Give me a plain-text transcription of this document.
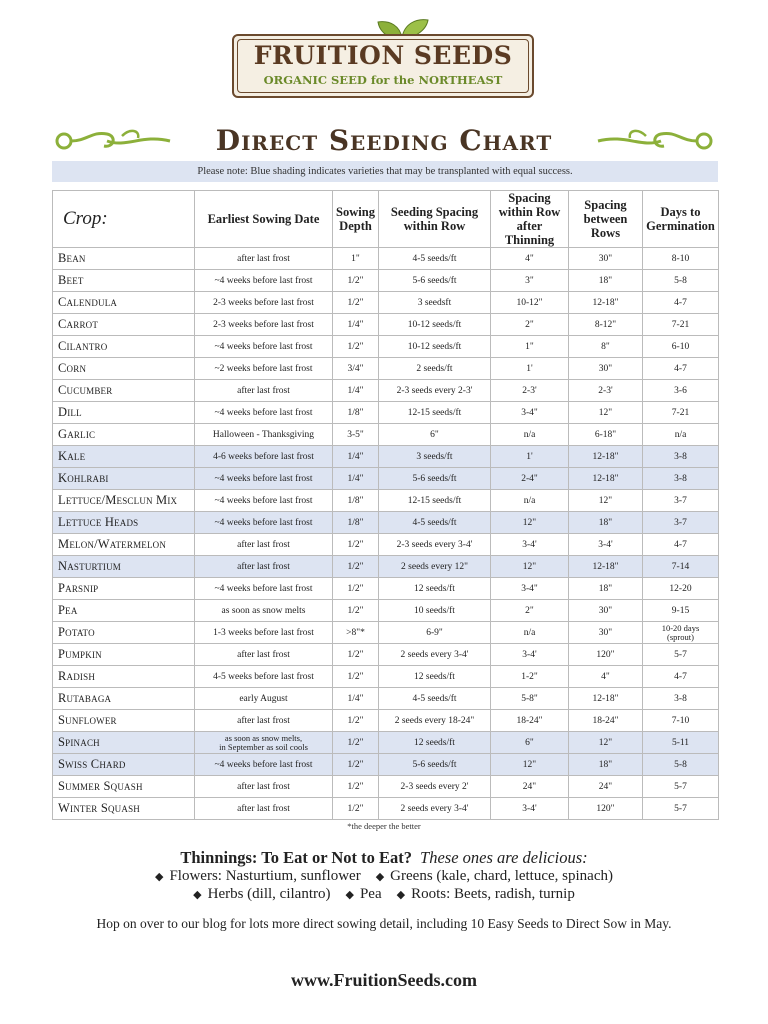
FRUITION SEEDS
ORGANIC SEED for the NORTHEAST
Direct Seeding Chart
Please note: Blue shading indicates varieties that may be transplanted with equal success.
Crop:	Earliest Sowing Date	Sowing Depth	Seeding Spacing within Row	Spacing within Row after Thinning	Spacing between Rows	Days to Germination
Bean	after last frost	1"	4-5 seeds/ft	4"	30"	8-10
Beet	~4 weeks before last frost	1/2"	5-6 seeds/ft	3"	18"	5-8
Calendula	2-3 weeks before last frost	1/2"	3 seedsft	10-12"	12-18"	4-7
Carrot	2-3 weeks before last frost	1/4"	10-12 seeds/ft	2"	8-12"	7-21
Cilantro	~4 weeks before last frost	1/2"	10-12 seeds/ft	1"	8"	6-10
Corn	~2 weeks before last frost	3/4"	2 seeds/ft	1'	30"	4-7
Cucumber	after last frost	1/4"	2-3 seeds every 2-3'	2-3'	2-3'	3-6
Dill	~4 weeks before last frost	1/8"	12-15 seeds/ft	3-4"	12"	7-21
Garlic	Halloween - Thanksgiving	3-5"	6"	n/a	6-18"	n/a
Kale	4-6 weeks before last frost	1/4"	3 seeds/ft	1'	12-18"	3-8
Kohlrabi	~4 weeks before last frost	1/4"	5-6 seeds/ft	2-4"	12-18"	3-8
Lettuce/Mesclun Mix	~4 weeks before last frost	1/8"	12-15 seeds/ft	n/a	12"	3-7
Lettuce Heads	~4 weeks before last frost	1/8"	4-5 seeds/ft	12"	18"	3-7
Melon/Watermelon	after last frost	1/2"	2-3 seeds every 3-4'	3-4'	3-4'	4-7
Nasturtium	after last frost	1/2"	2 seeds every 12"	12"	12-18"	7-14
Parsnip	~4 weeks before last frost	1/2"	12 seeds/ft	3-4"	18"	12-20
Pea	as soon as snow melts	1/2"	10 seeds/ft	2"	30"	9-15
Potato	1-3 weeks before last frost	>8"*	6-9"	n/a	30"	10-20 days
(sprout)

Pumpkin	after last frost	1/2"	2 seeds every 3-4'	3-4'	120"	5-7
Radish	4-5 weeks before last frost	1/2"	12 seeds/ft	1-2"	4"	4-7
Rutabaga	early August	1/4"	4-5 seeds/ft	5-8"	12-18"	3-8
Sunflower	after last frost	1/2"	2 seeds every 18-24"	18-24"	18-24"	7-10
Spinach	as soon as snow melts,
in September as soil cools	1/2"	12 seeds/ft	6"	12"	5-11
Swiss Chard	~4 weeks before last frost	1/2"	5-6 seeds/ft	12"	18"	5-8
Summer Squash	after last frost	1/2"	2-3 seeds every 2'	24"	24"	5-7
Winter Squash	after last frost	1/2"	2 seeds every 3-4'	3-4'	120"	5-7
*the deeper the better
Thinnings: To Eat or Not to Eat? These ones are delicious:
◆ Flowers: Nasturtium, sunflower ◆ Greens (kale, chard, lettuce, spinach)
◆ Herbs (dill, cilantro) ◆ Pea ◆ Roots: Beets, radish, turnip
Hop on over to our blog for lots more direct sowing detail, including 10 Easy Seeds to Direct Sow in May.
www.FruitionSeeds.com
